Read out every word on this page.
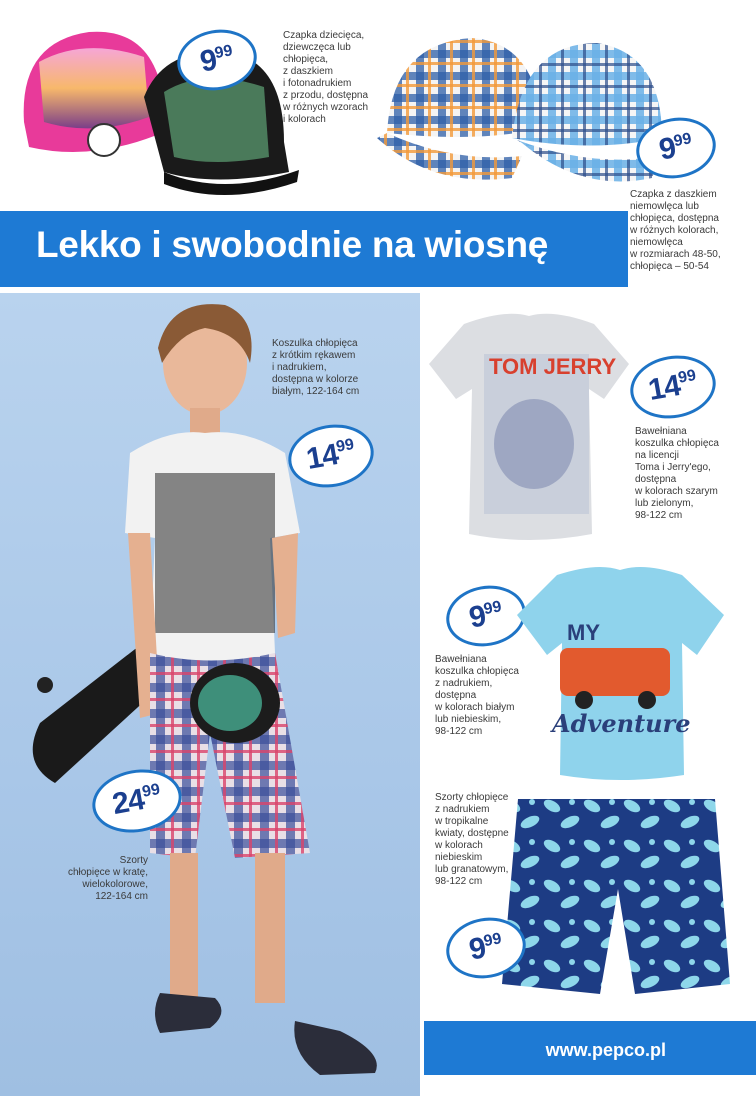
9
99
Czapka dziecięca,
dziewczęca lub
chłopięca,
z daszkiem
i fotonadrukiem
z przodu, dostępna
w różnych wzorach
i kolorach
9
99
Czapka z daszkiem
niemowlęca lub
chłopięca, dostępna
w różnych kolorach,
niemowlęca
w rozmiarach 48-50,
chłopięca – 50-54
Lekko i swobodnie na wiosnę
Koszulka chłopięca
z krótkim rękawem
i nadrukiem,
dostępna w kolorze
białym, 122-164 cm
14
99
24
99
Szorty
chłopięce w kratę,
wielokolorowe,
122-164 cm
TOM JERRY
14
99
Bawełniana
koszulka chłopięca
na licencji
Toma i Jerry'ego,
dostępna
w kolorach szarym
lub zielonym,
98-122 cm
9
99
MY
Adventure
Bawełniana
koszulka chłopięca
z nadrukiem,
dostępna
w kolorach białym
lub niebieskim,
98-122 cm
Szorty chłopięce
z nadrukiem
w tropikalne
kwiaty, dostępne
w kolorach
niebieskim
lub granatowym,
98-122 cm
9
99
www.pepco.pl
